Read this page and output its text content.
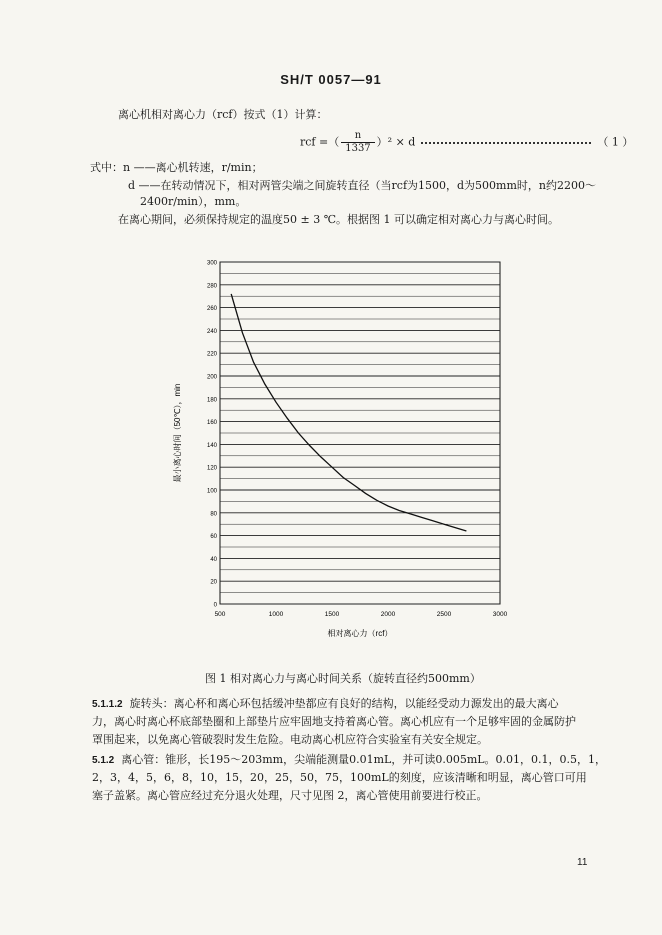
SH/T 0057—91
离心机相对离心力（rcf）按式（1）计算：
rcf =（ $\frac{n}{1337} )^2 \times d$	（ 1 ）
式中：n ——离心机转速，r/min；
d ——在转动情况下，相对两管尖端之间旋转直径（当rcf为1500，d为500mm时，n约2200～
2400r/min），mm。
在离心期间，必须保持规定的温度50 ± 3 ℃。根据图 1 可以确定相对离心力与离心时间。
0
20
40
60
80
100
120
140
160
180
200
220
240
260
280
300
500	1000	1500	2000	2500	3000
最小离心时间（50℃），min
相对离心力（rcf）
图 1 相对离心力与离心时间关系（旋转直径约500mm）
5.1.1.2 旋转头：离心杯和离心环包括缓冲垫都应有良好的结构，以能经受动力源发出的最大离心
力，离心时离心杯底部垫圈和上部垫片应牢固地支持着离心管。离心机应有一个足够牢固的金属防护
罩围起来，以免离心管破裂时发生危险。电动离心机应符合实验室有关安全规定。
5.1.2 离心管：锥形，长195～203mm，尖端能测量0.01mL，并可读0.005mL。0.01，0.1，0.5，1，
2，3，4，5，6，8，10，15，20，25，50，75，100mL的刻度，应该清晰和明显，离心管口可用
塞子盖紧。离心管应经过充分退火处理，尺寸见图 2，离心管使用前要进行校正。
11
